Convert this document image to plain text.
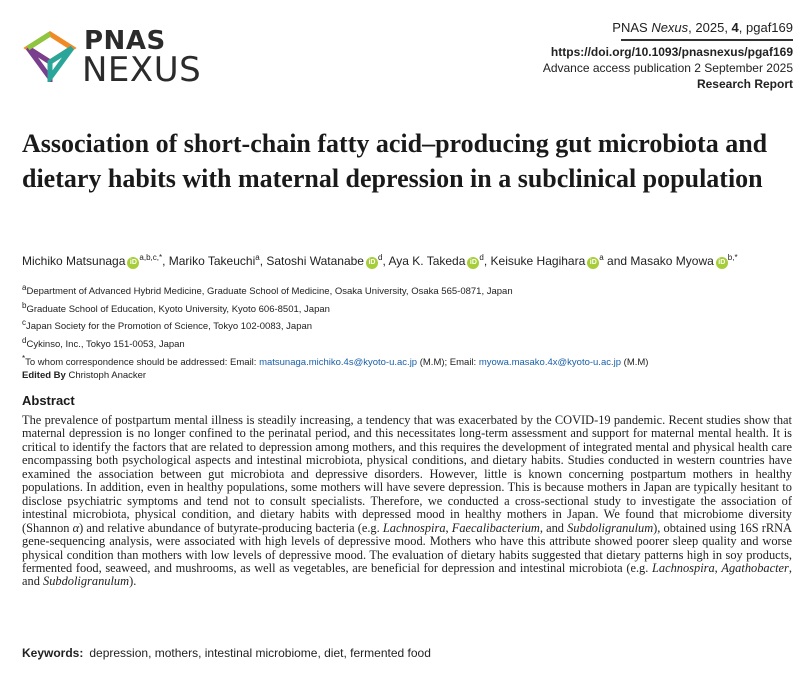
PNAS
NEXUS
PNAS Nexus, 2025, 4, pgaf169
https://doi.org/10.1093/pnasnexus/pgaf169
Advance access publication 2 September 2025
Research Report
Association of short-chain fatty acid–producing gut microbiota and dietary habits with maternal depression in a subclinical population
Michiko Matsunaga $iD^{a,b,c,*}$, Mariko Takeuchi$^a$, Satoshi Watanabe $iD^d$, Aya K. Takeda $iD^d$, Keisuke Hagihara $iD^a$ and Masako Myowa $iD^{b,*}$
$^a$Department of Advanced Hybrid Medicine, Graduate School of Medicine, Osaka University, Osaka 565-0871, Japan
$^b$Graduate School of Education, Kyoto University, Kyoto 606-8501, Japan
$^c$Japan Society for the Promotion of Science, Tokyo 102-0083, Japan
$^d$Cykinso, Inc., Tokyo 151-0053, Japan
*To whom correspondence should be addressed: Email: matsunaga.michiko.4s@kyoto-u.ac.jp (M.M); Email: myowa.masako.4x@kyoto-u.ac.jp (M.M)
Edited By Christoph Anacker
Abstract

The prevalence of postpartum mental illness is steadily increasing, a tendency that was exacerbated by the COVID-19 pandemic. Recent studies show that maternal depression is no longer confined to the perinatal period, and this necessitates long-term assessment and support for maternal mental health. It is critical to identify the factors that are related to depression among mothers, and this requires the development of integrated mental and physical health care encompassing both psychological aspects and intestinal microbiota, physical conditions, and dietary habits. Studies conducted in western countries have examined the association between gut microbiota and depressive disorders. However, little is known concerning postpartum mothers in healthy populations. In addition, even in healthy populations, some mothers will have severe depression. This is because mothers in Japan are typically hesitant to disclose psychiatric symptoms and tend not to consult specialists. Therefore, we conducted a cross-sectional study to investigate the association of intestinal microbiota, physical condition, and dietary habits with depressed mood in healthy mothers in Japan. We found that microbiome diversity (Shannon α) and relative abundance of butyrate-producing bacteria (e.g. Lachnospira, Faecalibacterium, and Subdoligranulum), obtained using 16S rRNA gene-sequencing analysis, were associated with high levels of depressive mood. Mothers who have this attribute showed poorer sleep quality and worse physical condition than mothers with low levels of depressive mood. The evaluation of dietary habits suggested that dietary patterns high in soy products, fermented food, seaweed, and mushrooms, as well as vegetables, are beneficial for depression and intestinal microbiota (e.g. Lachnospira, Agathobacter, and Subdoligranulum).

Keywords: depression, mothers, intestinal microbiome, diet, fermented food
